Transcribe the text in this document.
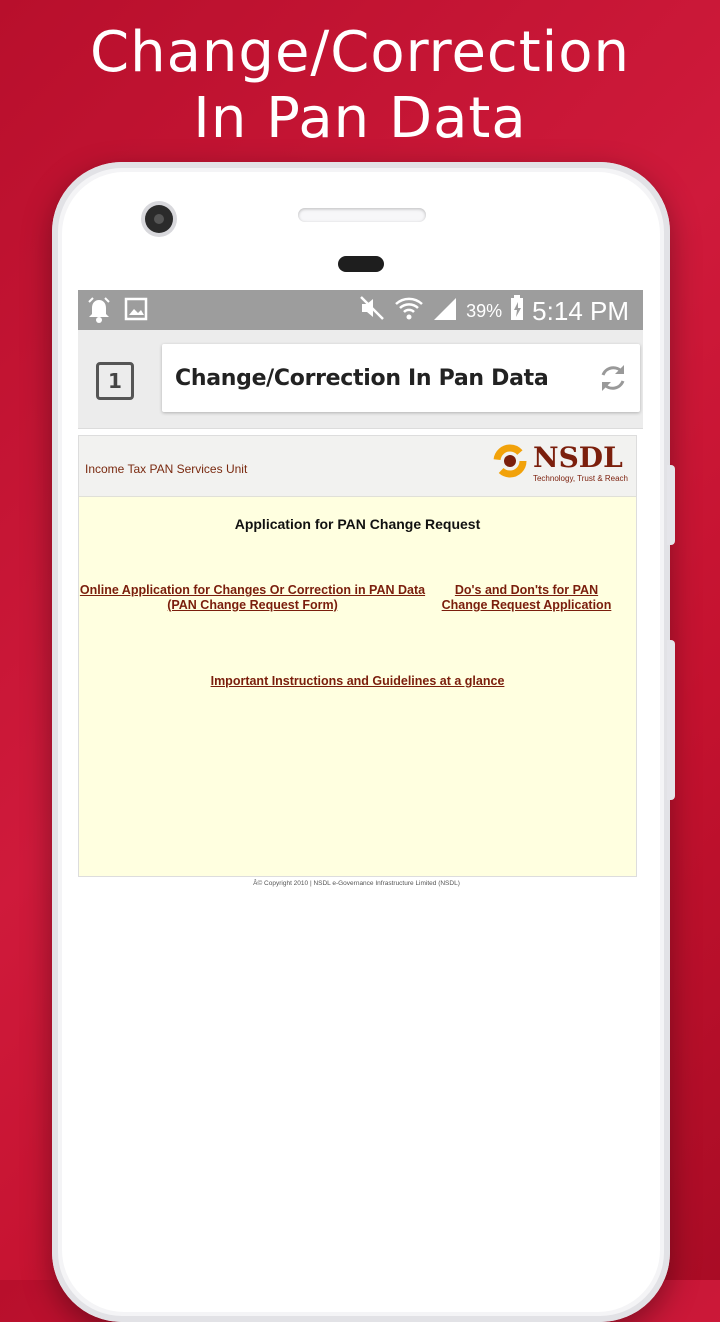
Change/Correction
In Pan Data
39% 5:14 PM
1	Change/Correction In Pan Data
Income Tax PAN Services Unit	NSDL
Technology, Trust & Reach
Application for PAN Change Request
Online Application for Changes Or Correction in PAN Data (PAN Change Request Form)
Do's and Don'ts for PAN Change Request Application
Important Instructions and Guidelines at a glance
Â© Copyright 2010 | NSDL e-Governance Infrastructure Limited (NSDL)
